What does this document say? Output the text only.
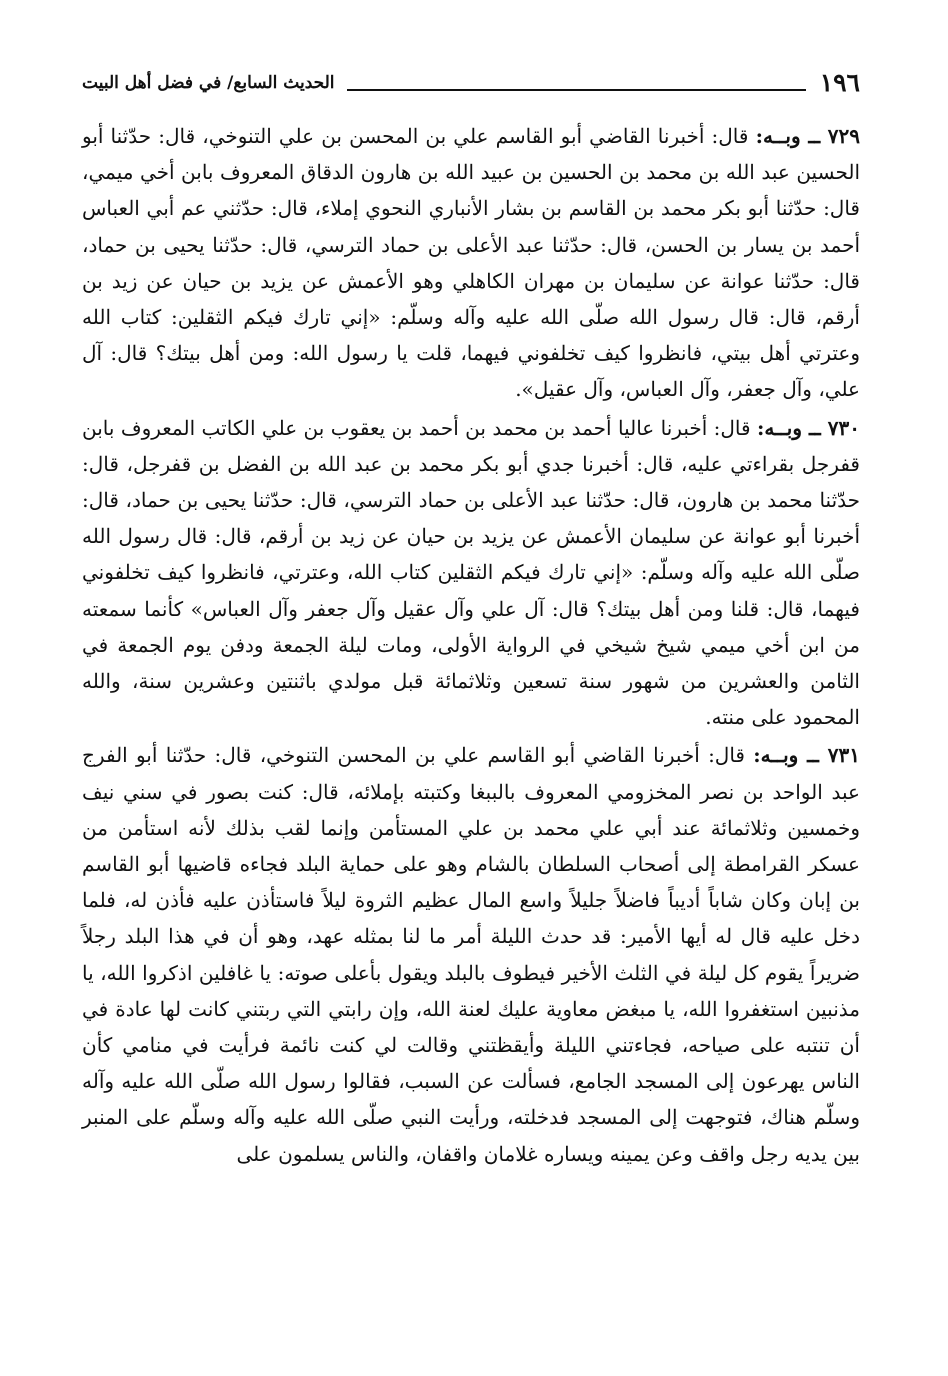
١٩٦
الحديث السابع/ في فضل أهل البيت

٧٢٩ ــ وبــه: قال: أخبرنا القاضي أبو القاسم علي بن المحسن بن علي التنوخي، قال: حدّثنا أبو الحسين عبد الله بن محمد بن الحسين بن عبيد الله بن هارون الدقاق المعروف بابن أخي ميمي، قال: حدّثنا أبو بكر محمد بن القاسم بن بشار الأنباري النحوي إملاء، قال: حدّثني عم أبي العباس أحمد بن يسار بن الحسن، قال: حدّثنا عبد الأعلى بن حماد الترسي، قال: حدّثنا يحيى بن حماد، قال: حدّثنا عوانة عن سليمان بن مهران الكاهلي وهو الأعمش عن يزيد بن حيان عن زيد بن أرقم، قال: قال رسول الله صلّى الله عليه وآله وسلّم: «إني تارك فيكم الثقلين: كتاب الله وعترتي أهل بيتي، فانظروا كيف تخلفوني فيهما، قلت يا رسول الله: ومن أهل بيتك؟ قال: آل علي، وآل جعفر، وآل العباس، وآل عقيل».

٧٣٠ ــ وبــه: قال: أخبرنا عاليا أحمد بن محمد بن أحمد بن يعقوب بن علي الكاتب المعروف بابن قفرجل بقراءتي عليه، قال: أخبرنا جدي أبو بكر محمد بن عبد الله بن الفضل بن قفرجل، قال: حدّثنا محمد بن هارون، قال: حدّثنا عبد الأعلى بن حماد الترسي، قال: حدّثنا يحيى بن حماد، قال: أخبرنا أبو عوانة عن سليمان الأعمش عن يزيد بن حيان عن زيد بن أرقم، قال: قال رسول الله صلّى الله عليه وآله وسلّم: «إني تارك فيكم الثقلين كتاب الله، وعترتي، فانظروا كيف تخلفوني فيهما، قال: قلنا ومن أهل بيتك؟ قال: آل علي وآل عقيل وآل جعفر وآل العباس» كأنما سمعته من ابن أخي ميمي شيخ شيخي في الرواية الأولى، ومات ليلة الجمعة ودفن يوم الجمعة في الثامن والعشرين من شهور سنة تسعين وثلاثمائة قبل مولدي باثنتين وعشرين سنة، والله المحمود على منته.

٧٣١ ــ وبــه: قال: أخبرنا القاضي أبو القاسم علي بن المحسن التنوخي، قال: حدّثنا أبو الفرج عبد الواحد بن نصر المخزومي المعروف بالببغا وكتبته بإملائه، قال: كنت بصور في سني نيف وخمسين وثلاثمائة عند أبي علي محمد بن علي المستأمن وإنما لقب بذلك لأنه استأمن من عسكر القرامطة إلى أصحاب السلطان بالشام وهو على حماية البلد فجاءه قاضيها أبو القاسم بن إبان وكان شاباً أديباً فاضلاً جليلاً واسع المال عظيم الثروة ليلاً فاستأذن عليه فأذن له، فلما دخل عليه قال له أيها الأمير: قد حدث الليلة أمر ما لنا بمثله عهد، وهو أن في هذا البلد رجلاً ضريراً يقوم كل ليلة في الثلث الأخير فيطوف بالبلد ويقول بأعلى صوته: يا غافلين اذكروا الله، يا مذنبين استغفروا الله، يا مبغض معاوية عليك لعنة الله، وإن رابتي التي ربتني كانت لها عادة في أن تنتبه على صياحه، فجاءتني الليلة وأيقظتني وقالت لي كنت نائمة فرأيت في منامي كأن الناس يهرعون إلى المسجد الجامع، فسألت عن السبب، فقالوا رسول الله صلّى الله عليه وآله وسلّم هناك، فتوجهت إلى المسجد فدخلته، ورأيت النبي صلّى الله عليه وآله وسلّم على المنبر بين يديه رجل واقف وعن يمينه ويساره غلامان واقفان، والناس يسلمون على
